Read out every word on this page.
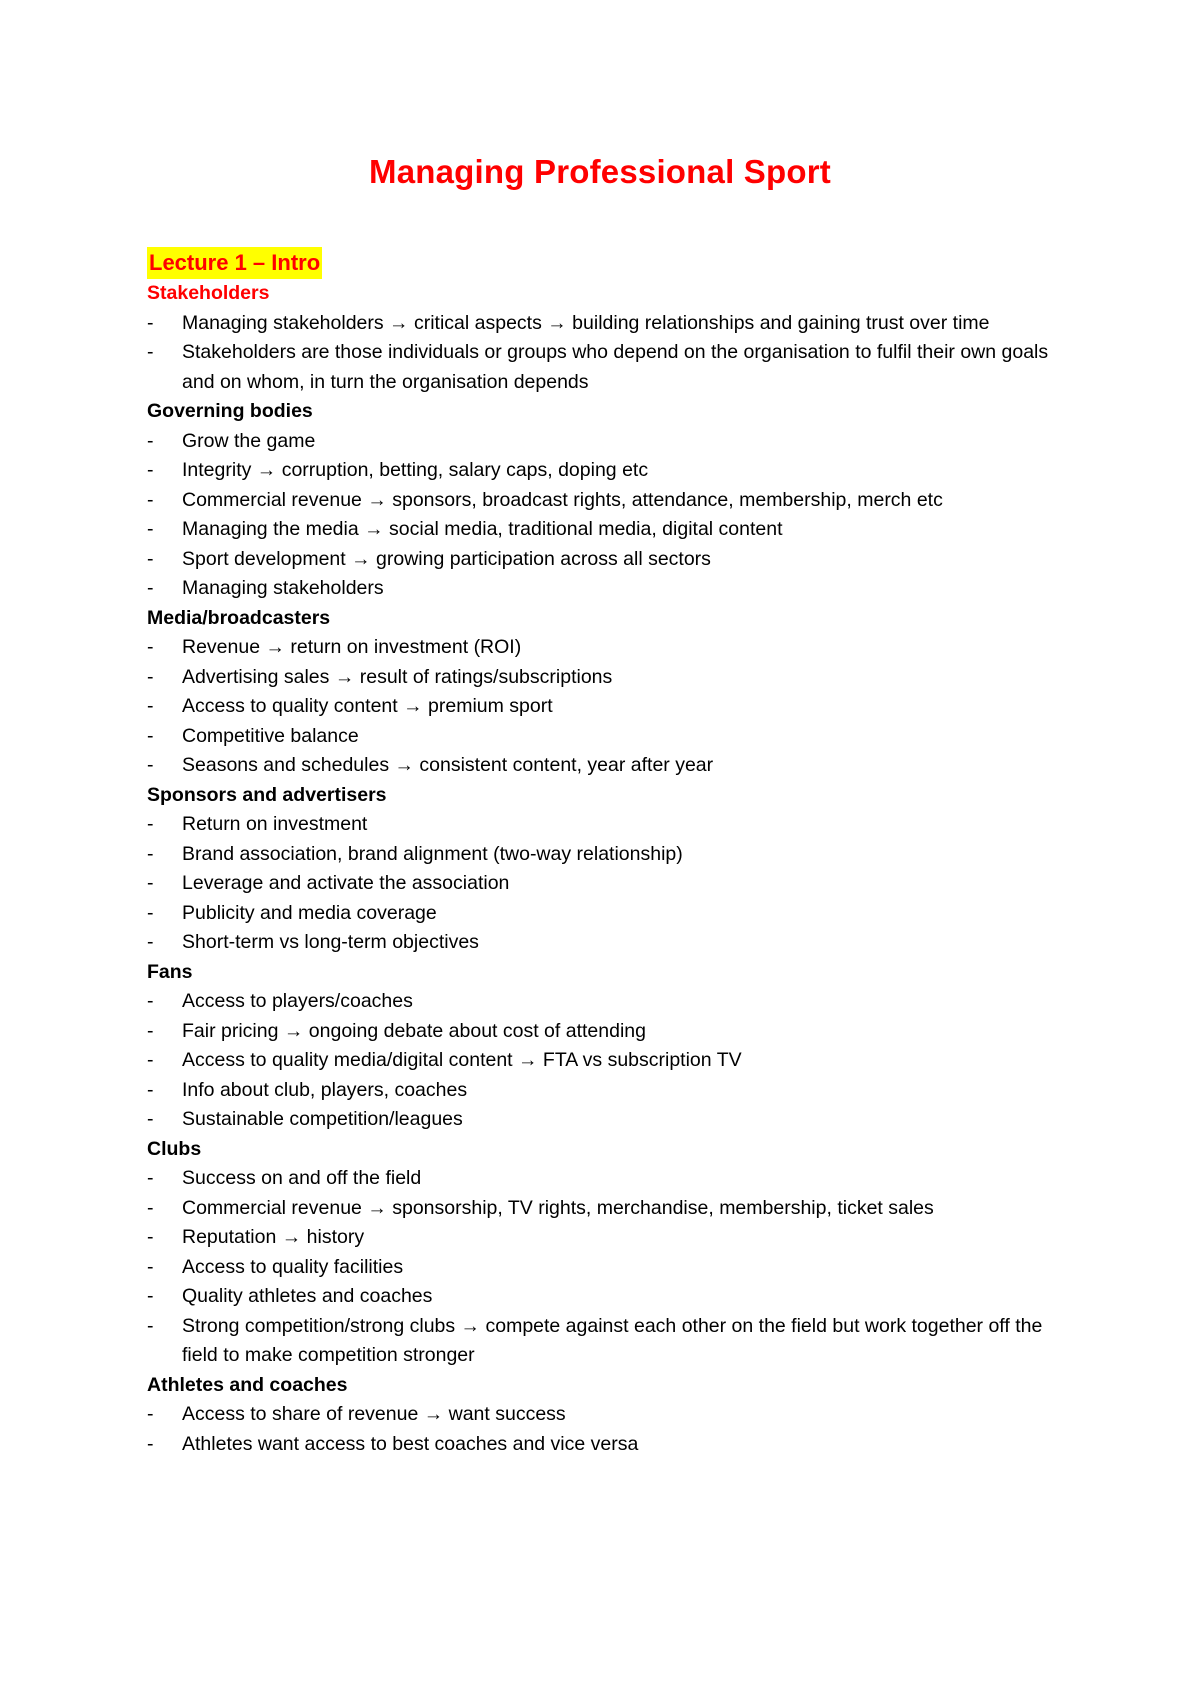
Managing Professional Sport
Lecture 1 – Intro
Stakeholders
- Managing stakeholders → critical aspects → building relationships and gaining trust over time
- Stakeholders are those individuals or groups who depend on the organisation to fulfil their own goals and on whom, in turn the organisation depends
Governing bodies
- Grow the game
- Integrity → corruption, betting, salary caps, doping etc
- Commercial revenue → sponsors, broadcast rights, attendance, membership, merch etc
- Managing the media → social media, traditional media, digital content
- Sport development → growing participation across all sectors
- Managing stakeholders
Media/broadcasters
- Revenue → return on investment (ROI)
- Advertising sales → result of ratings/subscriptions
- Access to quality content → premium sport
- Competitive balance
- Seasons and schedules → consistent content, year after year
Sponsors and advertisers
- Return on investment
- Brand association, brand alignment (two-way relationship)
- Leverage and activate the association
- Publicity and media coverage
- Short-term vs long-term objectives
Fans
- Access to players/coaches
- Fair pricing → ongoing debate about cost of attending
- Access to quality media/digital content → FTA vs subscription TV
- Info about club, players, coaches
- Sustainable competition/leagues
Clubs
- Success on and off the field
- Commercial revenue → sponsorship, TV rights, merchandise, membership, ticket sales
- Reputation → history
- Access to quality facilities
- Quality athletes and coaches
- Strong competition/strong clubs → compete against each other on the field but work together off the field to make competition stronger
Athletes and coaches
- Access to share of revenue → want success
- Athletes want access to best coaches and vice versa
